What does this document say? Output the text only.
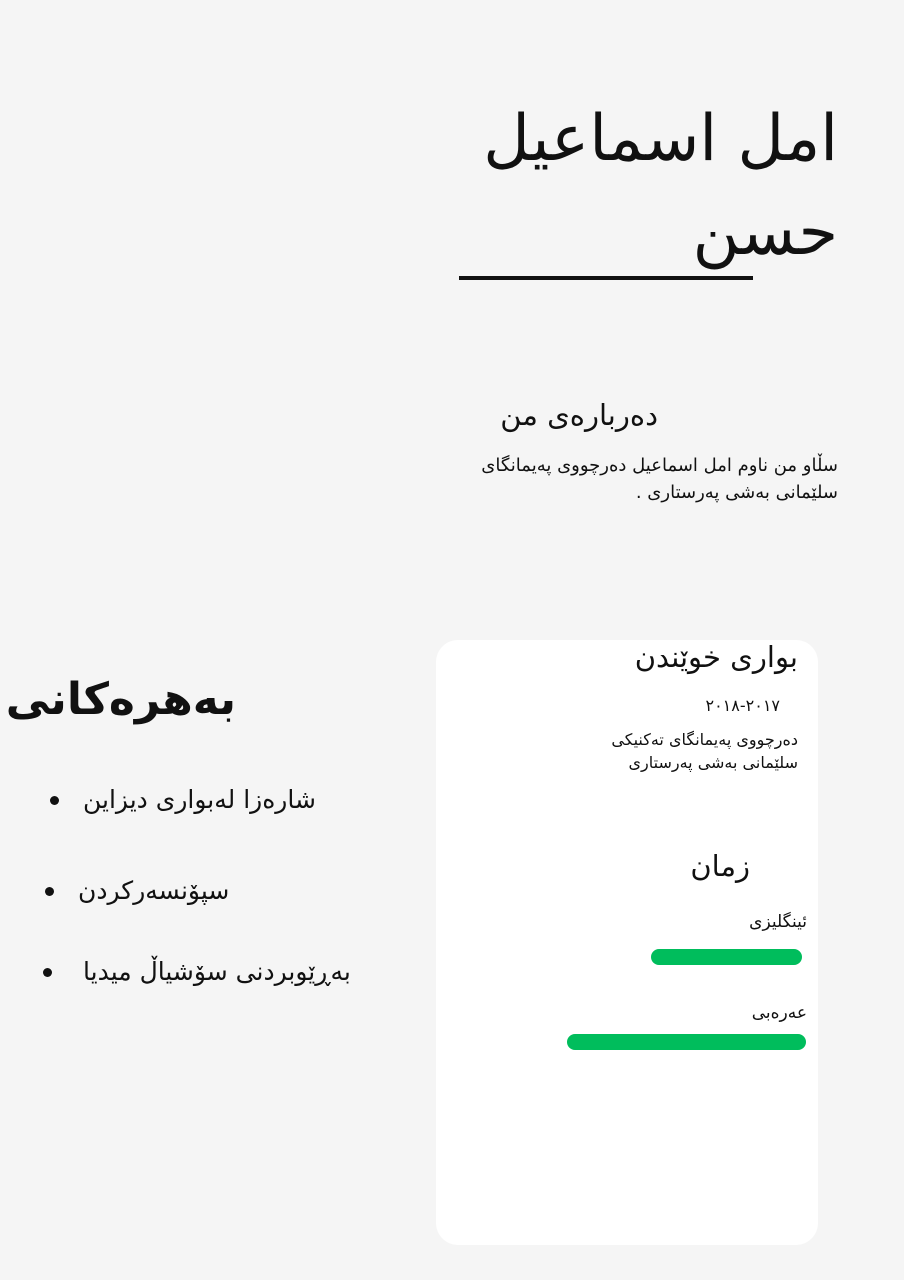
امل اسماعیل حسن
دەربارەی من

سڵاو من ناوم امل اسماعیل دەرچووی پەیمانگای سلێمانی بەشی پەرستاری .

بەهرەكانی
شارەزا لەبواری دیزاین
سپۆنسەرکردن
بەڕێوبردنی سۆشیاڵ میدیا
بواری خوێندن
٢٠١٧-٢٠١٨
دەرچووی پەیمانگای تەکنیکی سلێمانی بەشی پەرستاری
زمان
ئینگلیزی
عەرەبی
